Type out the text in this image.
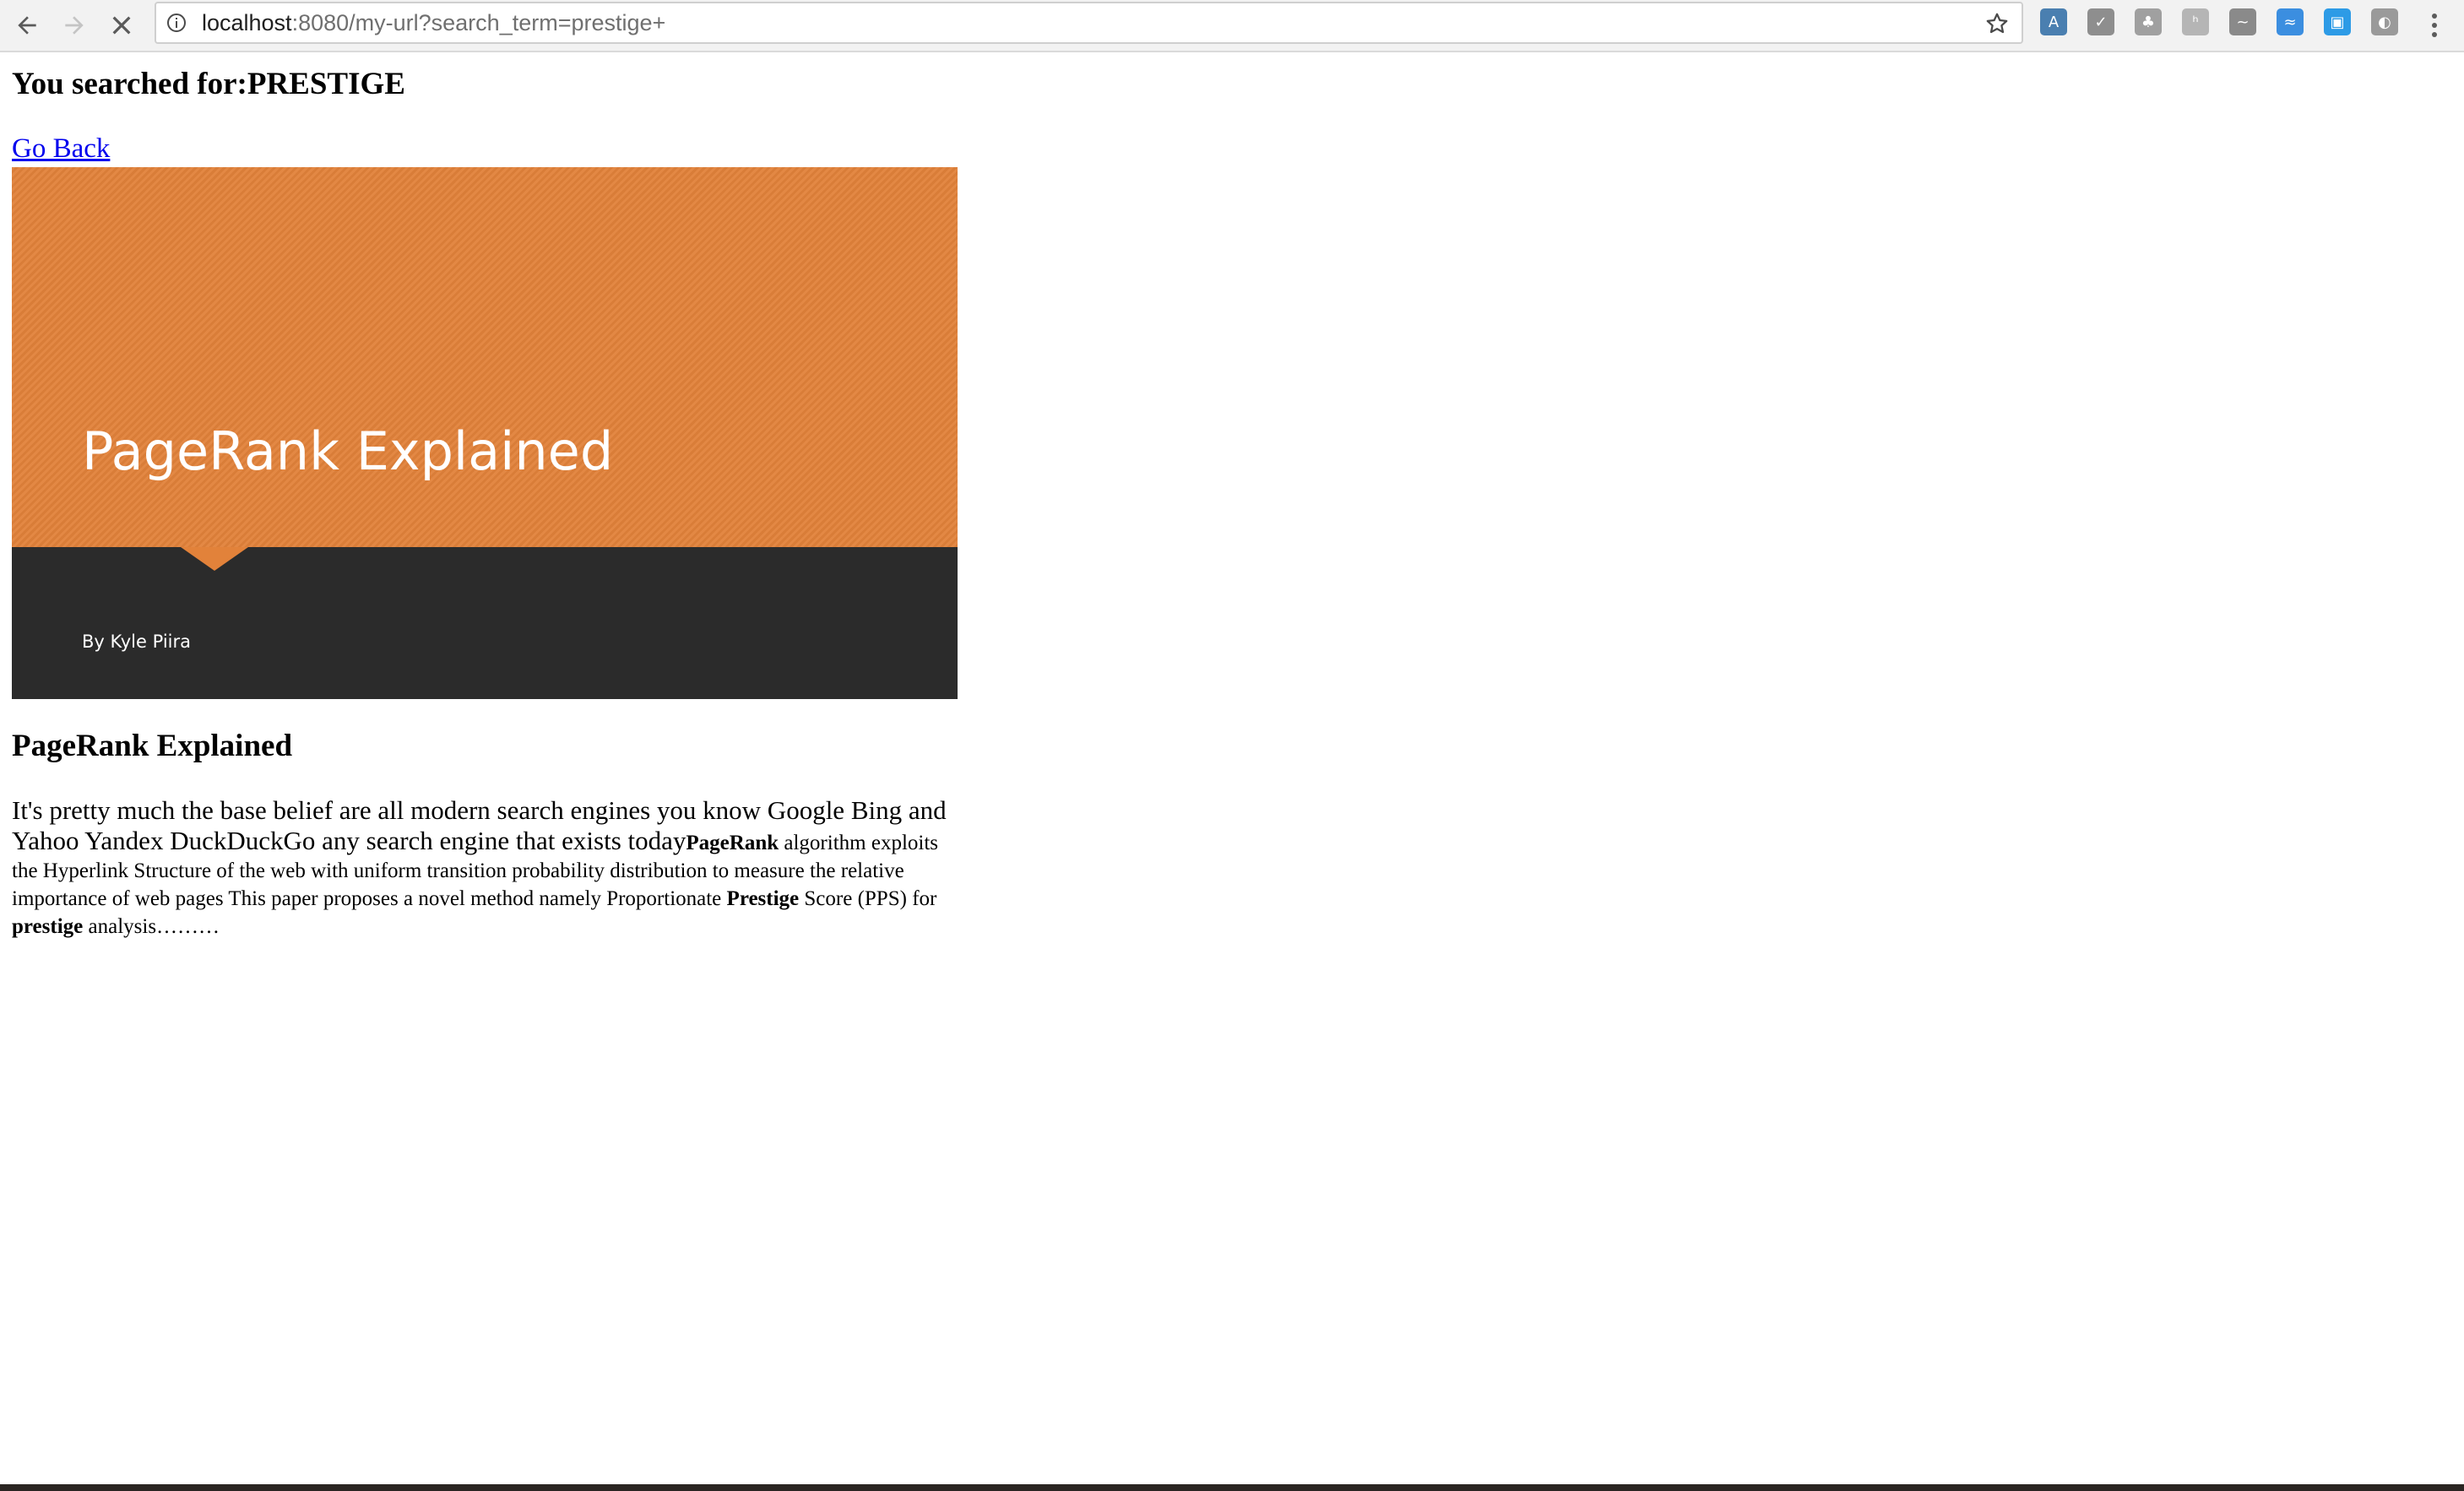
localhost:8080/my-url?search_term=prestige+	A	✓	♣	ʰ	~	≈	▣	◐
You searched for:PRESTIGE
Go Back
PageRank Explained
By Kyle Piira
PageRank Explained
It's pretty much the base belief are all modern search engines you know Google Bing and Yahoo Yandex DuckDuckGo any search engine that exists todayPageRank algorithm exploits the Hyperlink Structure of the web with uniform transition probability distribution to measure the relative importance of web pages This paper proposes a novel method namely Proportionate Prestige Score (PPS) for prestige analysis………
